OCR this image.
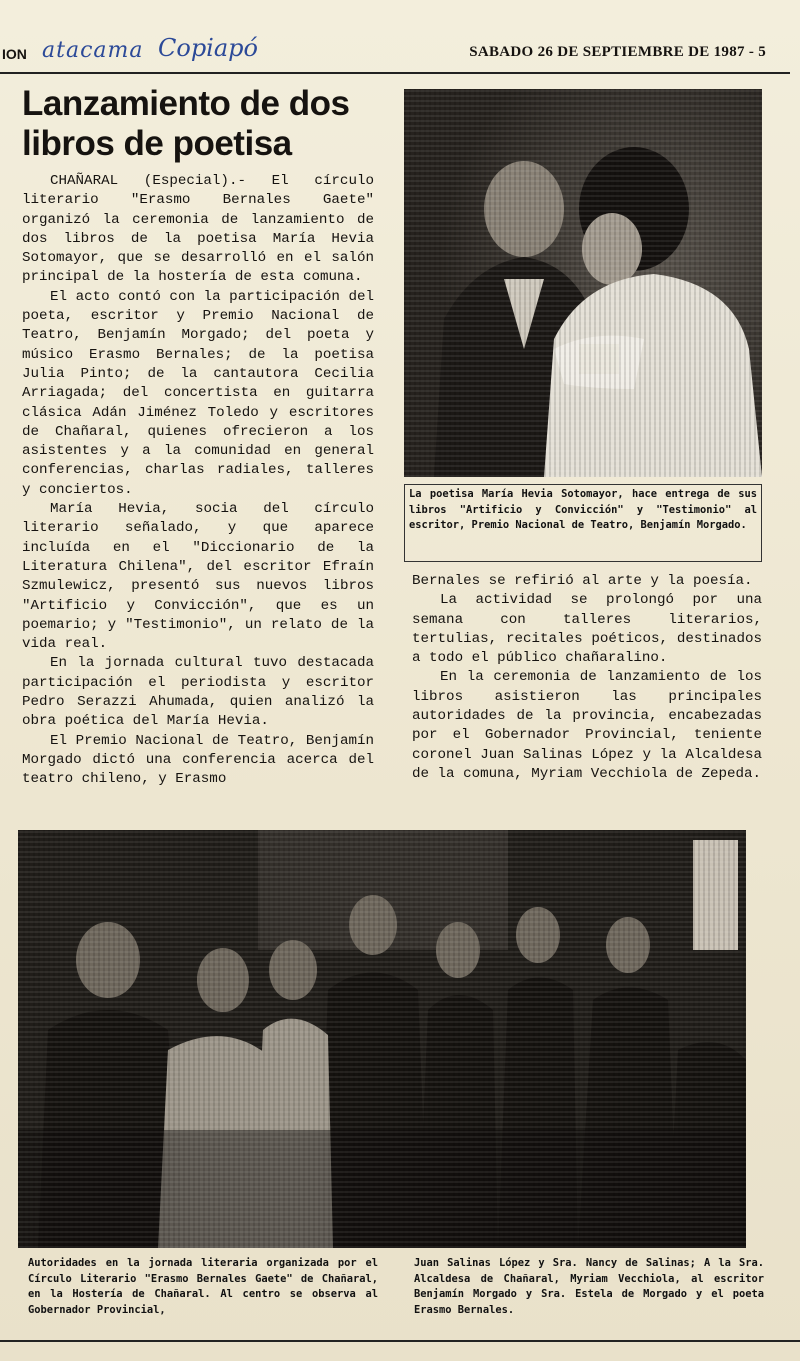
ION atacama Copiapó	SABADO 26 DE SEPTIEMBRE DE 1987 - 5
Lanzamiento de dos libros de poetisa

CHAÑARAL (Especial).- El círculo literario "Erasmo Bernales Gaete" organizó la ceremonia de lanzamiento de dos libros de la poetisa María Hevia Sotomayor, que se desarrolló en el salón principal de la hostería de esta comuna.

El acto contó con la participación del poeta, escritor y Premio Nacional de Teatro, Benjamín Morgado; del poeta y músico Erasmo Bernales; de la poetisa Julia Pinto; de la cantautora Cecilia Arriagada; del concertista en guitarra clásica Adán Jiménez Toledo y escritores de Chañaral, quienes ofrecieron a los asistentes y a la comunidad en general conferencias, charlas radiales, talleres y conciertos.

María Hevia, socia del círculo literario señalado, y que aparece incluída en el "Diccionario de la Literatura Chilena", del escritor Efraín Szmulewicz, presentó sus nuevos libros "Artificio y Convicción", que es un poemario; y "Testimonio", un relato de la vida real.

En la jornada cultural tuvo destacada participación el periodista y escritor Pedro Serazzi Ahumada, quien analizó la obra poética del María Hevia.

El Premio Nacional de Teatro, Benjamín Morgado dictó una conferencia acerca del teatro chileno, y Erasmo

La poetisa María Hevia Sotomayor, hace entrega de sus libros "Artificio y Convicción" y "Testimonio" al escritor, Premio Nacional de Teatro, Benjamín Morgado.

Bernales se refirió al arte y la poesía.

La actividad se prolongó por una semana con talleres literarios, tertulias, recitales poéticos, destinados a todo el público chañaralino.

En la ceremonia de lanzamiento de los libros asistieron las principales autoridades de la provincia, encabezadas por el Gobernador Provincial, teniente coronel Juan Salinas López y la Alcaldesa de la comuna, Myriam Vecchiola de Zepeda.

Autoridades en la jornada literaria organizada por el Círculo Literario "Erasmo Bernales Gaete" de Chañaral, en la Hostería de Chañaral. Al centro se observa al Gobernador Provincial,
Juan Salinas López y Sra. Nancy de Salinas; A la Sra. Alcaldesa de Chañaral, Myriam Vecchiola, al escritor Benjamín Morgado y Sra. Estela de Morgado y el poeta Erasmo Bernales.
